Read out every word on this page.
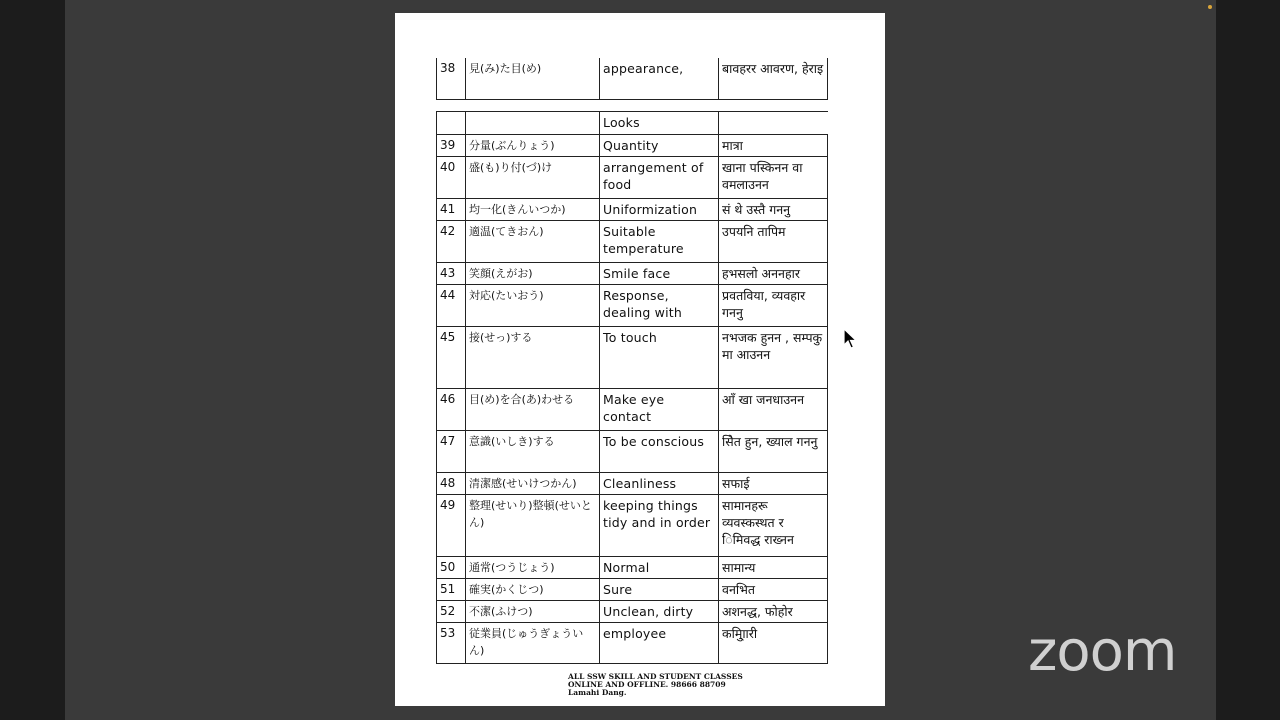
38	見(み)た目(め)	appearance,	बावहरर आवरण, हेराइ
		Looks	
39	分量(ぶんりょう)	Quantity	मात्रा
40	盛(も)り付(づ)け	arrangement of food	खाना पस्किनन वा वमलाउनन
41	均一化(きんいつか)	Uniformization	सं थे उस्तै गननु
42	適温(てきおん)	Suitable temperature	उपयनि तापिम
43	笑顔(えがお)	Smile face	हभसलो अननहार
44	対応(たいおう)	Response, dealing with	प्रवतविया, व्यवहार गननु
45	接(せっ)する	To touch	नभजक हुनन , सम्पकु मा आउनन
46	目(め)を合(あ)わせる	Make eye contact	आँ खा जनधाउनन
47	意識(いしき)する	To be conscious	सिेत हुन, ख्याल गननु
48	清潔感(せいけつかん)	Cleanliness	सफाई
49	整理(せいり)整頓(せいとん)	keeping things tidy and in order	सामानहरू व्यवस्कस्थत र िमिवद्ध राख्नन
50	通常(つうじょう)	Normal	सामान्य
51	確実(かくじつ)	Sure	वनभित
52	不潔(ふけつ)	Unclean, dirty	अशनद्ध, फोहोर
53	従業員(じゅうぎょういん)	employee	कमु्ािारी
ALL SSW SKILL AND STUDENT CLASSES
ONLINE AND OFFLINE. 98666 88709
Lamahi Dang.
zoom
